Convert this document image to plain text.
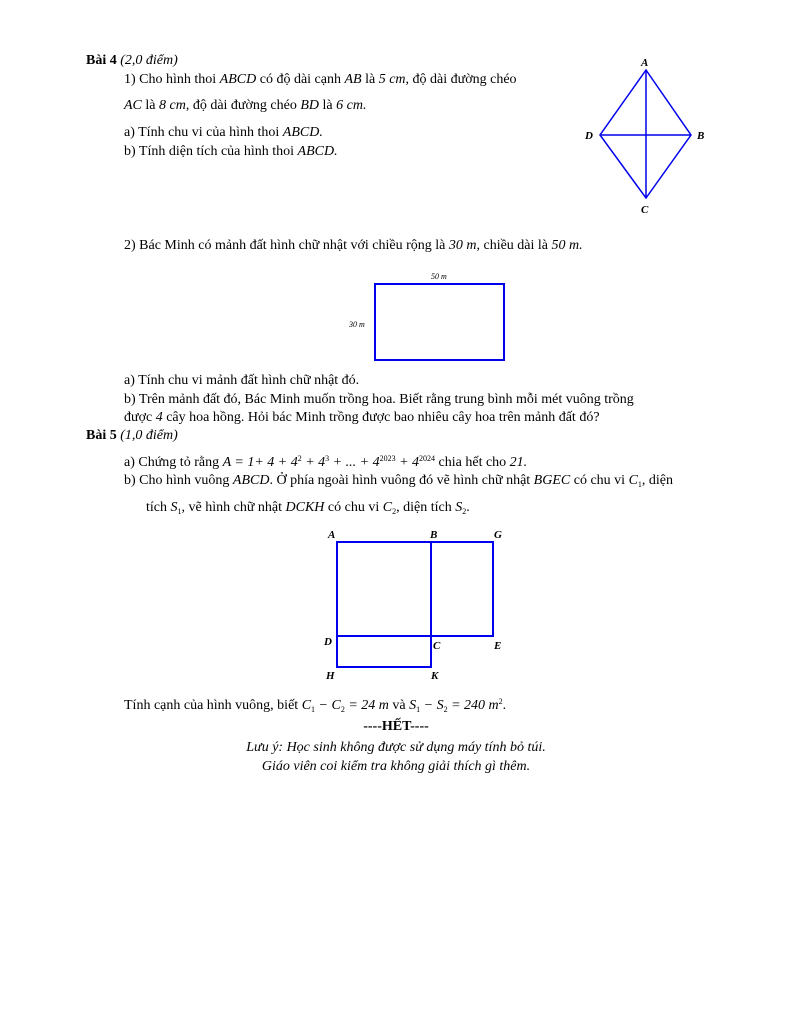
Bài 4 (2,0 điểm)
1) Cho hình thoi ABCD có độ dài cạnh AB là 5 cm, độ dài đường chéo
AC là 8 cm, độ dài đường chéo BD là 6 cm.
a) Tính chu vi của hình thoi ABCD.
b) Tính diện tích của hình thoi ABCD.
A
B
C
D
2) Bác Minh có mảnh đất hình chữ nhật với chiều rộng là 30 m, chiều dài là 50 m.
50 m
30 m
a) Tính chu vi mảnh đất hình chữ nhật đó.
b) Trên mảnh đất đó, Bác Minh muốn trồng hoa. Biết rằng trung bình mỗi mét vuông trồng
được 4 cây hoa hồng. Hỏi bác Minh trồng được bao nhiêu cây hoa trên mảnh đất đó?
Bài 5 (1,0 điểm)
a) Chứng tỏ rằng $A = 1+ 4 + 4^2 + 4^3$ + ... + $4^{2023} + 4^{2024}$ chia hết cho 21.
b) Cho hình vuông ABCD. Ở phía ngoài hình vuông đó vẽ hình chữ nhật BGEC có chu vi $C_1$, diện
tích $S_1$, vẽ hình chữ nhật DCKH có chu vi $C_2$, diện tích $S_2$.
A	B	G
D	C	E
H	K
Tính cạnh của hình vuông, biết $C_1 - C_2 = 24$ m và $S_1 - S_2 = 240$ $m^2$.
----HẾT----
Lưu ý: Học sinh không được sử dụng máy tính bỏ túi.
Giáo viên coi kiểm tra không giải thích gì thêm.
